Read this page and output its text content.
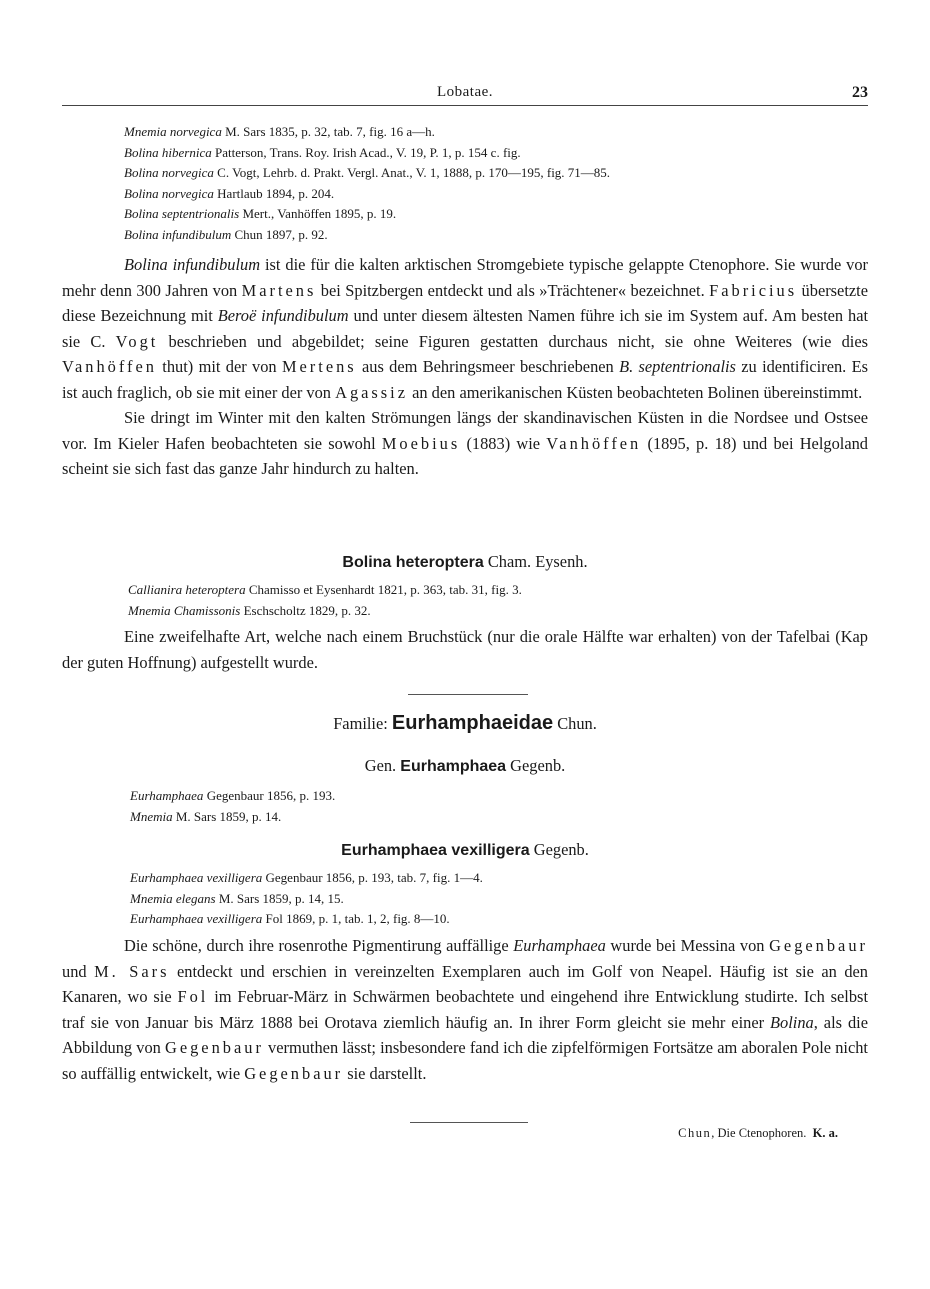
Lobatae.	23
Mnemia norvegica M. Sars 1835, p. 32, tab. 7, fig. 16 a—h.
Bolina hibernica Patterson, Trans. Roy. Irish Acad., V. 19, P. 1, p. 154 c. fig.
Bolina norvegica C. Vogt, Lehrb. d. Prakt. Vergl. Anat., V. 1, 1888, p. 170—195, fig. 71—85.
Bolina norvegica Hartlaub 1894, p. 204.
Bolina septentrionalis Mert., Vanhöffen 1895, p. 19.
Bolina infundibulum Chun 1897, p. 92.

Bolina infundibulum ist die für die kalten arktischen Stromgebiete typische gelappte Ctenophore. Sie wurde vor mehr denn 300 Jahren von Martens bei Spitzbergen entdeckt und als »Trächtener« bezeichnet. Fabricius übersetzte diese Bezeichnung mit Beroë infundibulum und unter diesem ältesten Namen führe ich sie im System auf. Am besten hat sie C. Vogt beschrieben und abgebildet; seine Figuren gestatten durchaus nicht, sie ohne Weiteres (wie dies Vanhöffen thut) mit der von Mertens aus dem Behringsmeer beschriebenen B. septentrionalis zu identificiren. Es ist auch fraglich, ob sie mit einer der von Agassiz an den amerikanischen Küsten beobachteten Bolinen übereinstimmt.

Sie dringt im Winter mit den kalten Strömungen längs der skandinavischen Küsten in die Nordsee und Ostsee vor. Im Kieler Hafen beobachteten sie sowohl Moebius (1883) wie Vanhöffen (1895, p. 18) und bei Helgoland scheint sie sich fast das ganze Jahr hindurch zu halten.

Bolina heteroptera Cham. Eysenh.
Callianira heteroptera Chamisso et Eysenhardt 1821, p. 363, tab. 31, fig. 3.
Mnemia Chamissonis Eschscholtz 1829, p. 32.

Eine zweifelhafte Art, welche nach einem Bruchstück (nur die orale Hälfte war erhalten) von der Tafelbai (Kap der guten Hoffnung) aufgestellt wurde.

Familie: Eurhamphaeidae Chun.
Gen. Eurhamphaea Gegenb.
Eurhamphaea Gegenbaur 1856, p. 193.
Mnemia M. Sars 1859, p. 14.
Eurhamphaea vexilligera Gegenb.
Eurhamphaea vexilligera Gegenbaur 1856, p. 193, tab. 7, fig. 1—4.
Mnemia elegans M. Sars 1859, p. 14, 15.
Eurhamphaea vexilligera Fol 1869, p. 1, tab. 1, 2, fig. 8—10.

Die schöne, durch ihre rosenrothe Pigmentirung auffällige Eurhamphaea wurde bei Messina von Gegenbaur und M. Sars entdeckt und erschien in vereinzelten Exemplaren auch im Golf von Neapel. Häufig ist sie an den Kanaren, wo sie Fol im Februar-März in Schwärmen beobachtete und eingehend ihre Entwicklung studirte. Ich selbst traf sie von Januar bis März 1888 bei Orotava ziemlich häufig an. In ihrer Form gleicht sie mehr einer Bolina, als die Abbildung von Gegenbaur vermuthen lässt; insbesondere fand ich die zipfelförmigen Fortsätze am aboralen Pole nicht so auffällig entwickelt, wie Gegenbaur sie darstellt.

Chun, Die Ctenophoren. K. a.
